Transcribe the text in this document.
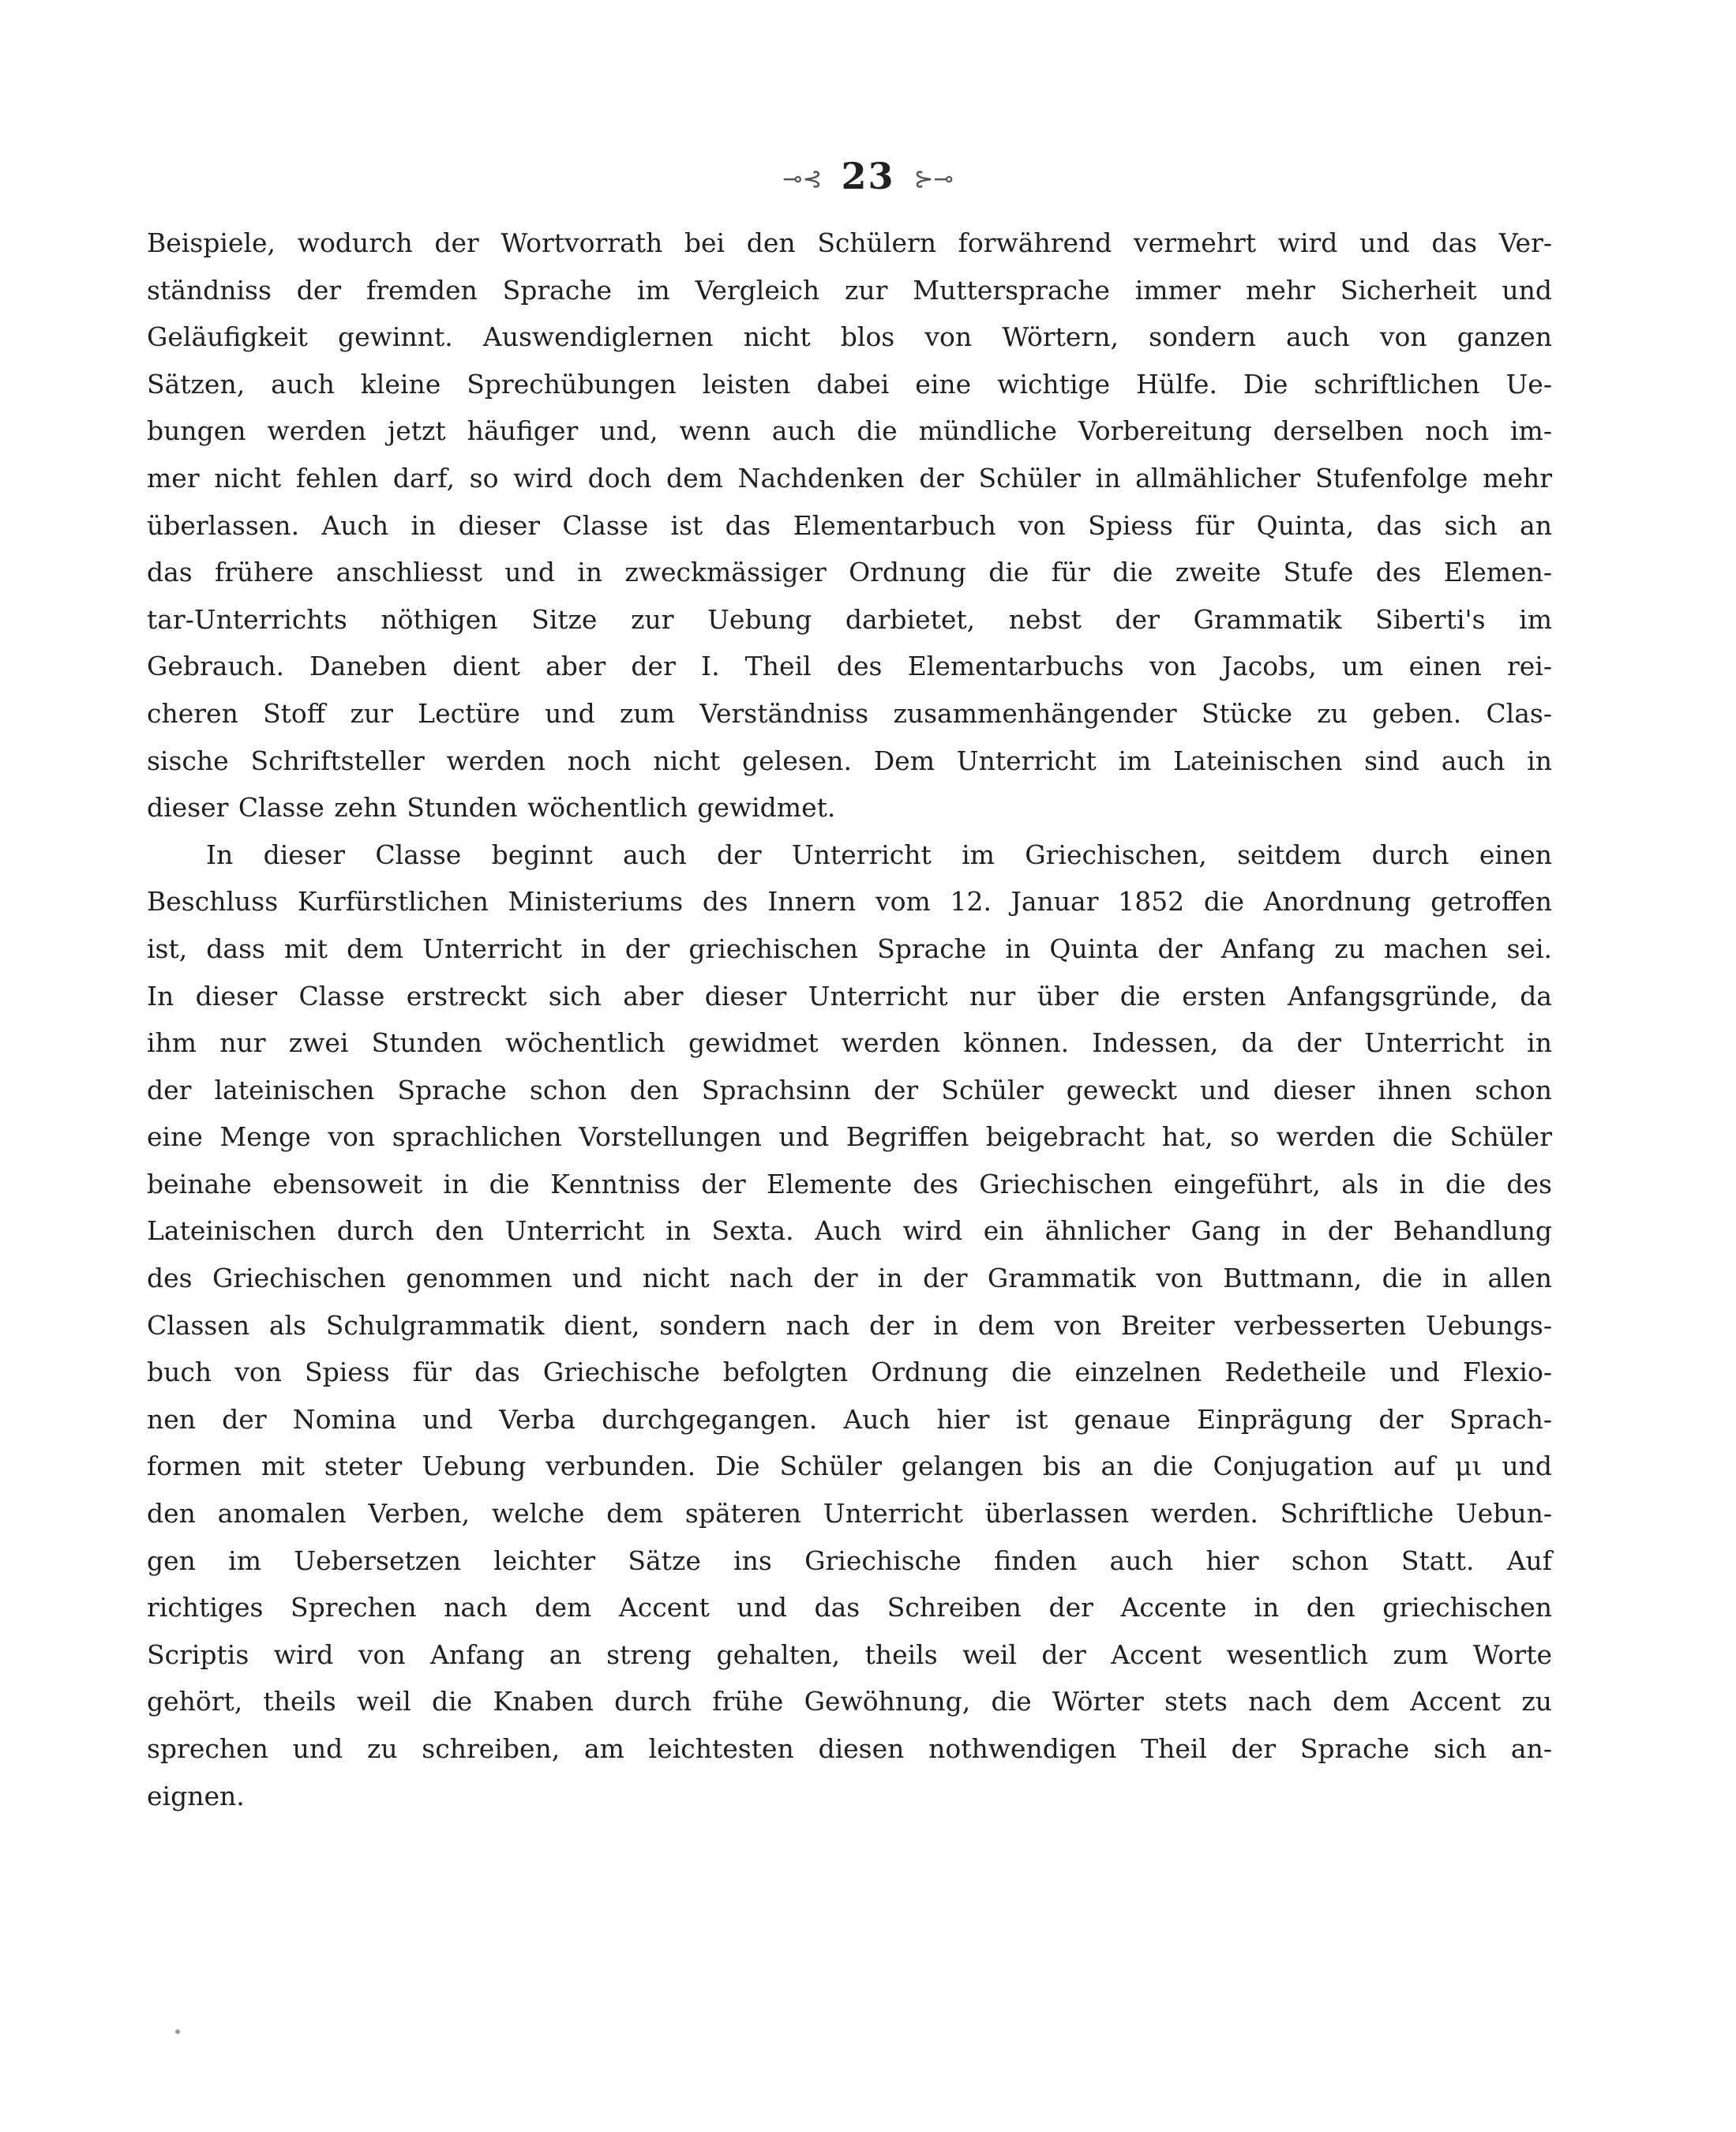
⊸⊰ 23 ⊱⊸

Beispiele, wodurch der Wortvorrath bei den Schülern forwährend vermehrt wird und das Ver-

ständniss der fremden Sprache im Vergleich zur Muttersprache immer mehr Sicherheit und

Geläufigkeit gewinnt. Auswendiglernen nicht blos von Wörtern, sondern auch von ganzen

Sätzen, auch kleine Sprechübungen leisten dabei eine wichtige Hülfe. Die schriftlichen Ue-

bungen werden jetzt häufiger und, wenn auch die mündliche Vorbereitung derselben noch im-

mer nicht fehlen darf, so wird doch dem Nachdenken der Schüler in allmählicher Stufenfolge mehr

überlassen. Auch in dieser Classe ist das Elementarbuch von Spiess für Quinta, das sich an

das frühere anschliesst und in zweckmässiger Ordnung die für die zweite Stufe des Elemen-

tar-Unterrichts nöthigen Sitze zur Uebung darbietet, nebst der Grammatik Siberti's im

Gebrauch. Daneben dient aber der I. Theil des Elementarbuchs von Jacobs, um einen rei-

cheren Stoff zur Lectüre und zum Verständniss zusammenhängender Stücke zu geben. Clas-

sische Schriftsteller werden noch nicht gelesen. Dem Unterricht im Lateinischen sind auch in

dieser Classe zehn Stunden wöchentlich gewidmet.

In dieser Classe beginnt auch der Unterricht im Griechischen, seitdem durch einen

Beschluss Kurfürstlichen Ministeriums des Innern vom 12. Januar 1852 die Anordnung getroffen

ist, dass mit dem Unterricht in der griechischen Sprache in Quinta der Anfang zu machen sei.

In dieser Classe erstreckt sich aber dieser Unterricht nur über die ersten Anfangsgründe, da

ihm nur zwei Stunden wöchentlich gewidmet werden können. Indessen, da der Unterricht in

der lateinischen Sprache schon den Sprachsinn der Schüler geweckt und dieser ihnen schon

eine Menge von sprachlichen Vorstellungen und Begriffen beigebracht hat, so werden die Schüler

beinahe ebensoweit in die Kenntniss der Elemente des Griechischen eingeführt, als in die des

Lateinischen durch den Unterricht in Sexta. Auch wird ein ähnlicher Gang in der Behandlung

des Griechischen genommen und nicht nach der in der Grammatik von Buttmann, die in allen

Classen als Schulgrammatik dient, sondern nach der in dem von Breiter verbesserten Uebungs-

buch von Spiess für das Griechische befolgten Ordnung die einzelnen Redetheile und Flexio-

nen der Nomina und Verba durchgegangen. Auch hier ist genaue Einprägung der Sprach-

formen mit steter Uebung verbunden. Die Schüler gelangen bis an die Conjugation auf μι und

den anomalen Verben, welche dem späteren Unterricht überlassen werden. Schriftliche Uebun-

gen im Uebersetzen leichter Sätze ins Griechische finden auch hier schon Statt. Auf

richtiges Sprechen nach dem Accent und das Schreiben der Accente in den griechischen

Scriptis wird von Anfang an streng gehalten, theils weil der Accent wesentlich zum Worte

gehört, theils weil die Knaben durch frühe Gewöhnung, die Wörter stets nach dem Accent zu

sprechen und zu schreiben, am leichtesten diesen nothwendigen Theil der Sprache sich an-

eignen.
